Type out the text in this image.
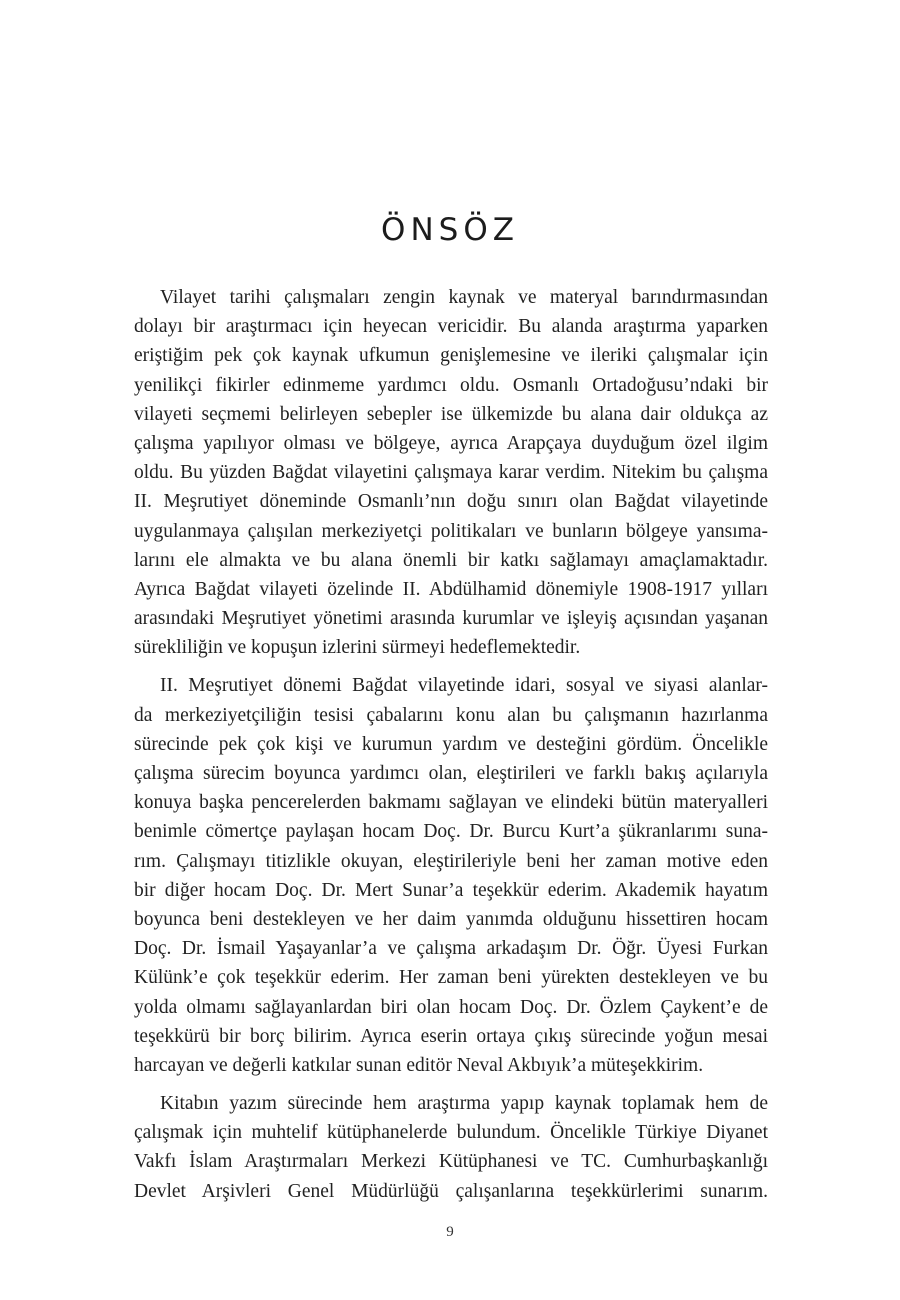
ÖNSÖZ
Vilayet tarihi çalışmaları zengin kaynak ve materyal barındırmasından
dolayı bir araştırmacı için heyecan vericidir. Bu alanda araştırma yaparken
eriştiğim pek çok kaynak ufkumun genişlemesine ve ileriki çalışmalar için
yenilikçi fikirler edinmeme yardımcı oldu. Osmanlı Ortadoğusu’ndaki bir
vilayeti seçmemi belirleyen sebepler ise ülkemizde bu alana dair oldukça az
çalışma yapılıyor olması ve bölgeye, ayrıca Arapçaya duyduğum özel ilgim
oldu. Bu yüzden Bağdat vilayetini çalışmaya karar verdim. Nitekim bu çalışma
II. Meşrutiyet döneminde Osmanlı’nın doğu sınırı olan Bağdat vilayetinde
uygulanmaya çalışılan merkeziyetçi politikaları ve bunların bölgeye yansıma-
larını ele almakta ve bu alana önemli bir katkı sağlamayı amaçlamaktadır.
Ayrıca Bağdat vilayeti özelinde II. Abdülhamid dönemiyle 1908-1917 yılları
arasındaki Meşrutiyet yönetimi arasında kurumlar ve işleyiş açısından yaşanan
sürekliliğin ve kopuşun izlerini sürmeyi hedeflemektedir.
II. Meşrutiyet dönemi Bağdat vilayetinde idari, sosyal ve siyasi alanlar-
da merkeziyetçiliğin tesisi çabalarını konu alan bu çalışmanın hazırlanma
sürecinde pek çok kişi ve kurumun yardım ve desteğini gördüm. Öncelikle
çalışma sürecim boyunca yardımcı olan, eleştirileri ve farklı bakış açılarıyla
konuya başka pencerelerden bakmamı sağlayan ve elindeki bütün materyalleri
benimle cömertçe paylaşan hocam Doç. Dr. Burcu Kurt’a şükranlarımı suna-
rım. Çalışmayı titizlikle okuyan, eleştirileriyle beni her zaman motive eden
bir diğer hocam Doç. Dr. Mert Sunar’a teşekkür ederim. Akademik hayatım
boyunca beni destekleyen ve her daim yanımda olduğunu hissettiren hocam
Doç. Dr. İsmail Yaşayanlar’a ve çalışma arkadaşım Dr. Öğr. Üyesi Furkan
Külünk’e çok teşekkür ederim. Her zaman beni yürekten destekleyen ve bu
yolda olmamı sağlayanlardan biri olan hocam Doç. Dr. Özlem Çaykent’e de
teşekkürü bir borç bilirim. Ayrıca eserin ortaya çıkış sürecinde yoğun mesai
harcayan ve değerli katkılar sunan editör Neval Akbıyık’a müteşekkirim.
Kitabın yazım sürecinde hem araştırma yapıp kaynak toplamak hem de
çalışmak için muhtelif kütüphanelerde bulundum. Öncelikle Türkiye Diyanet
Vakfı İslam Araştırmaları Merkezi Kütüphanesi ve TC. Cumhurbaşkanlığı
Devlet Arşivleri Genel Müdürlüğü çalışanlarına teşekkürlerimi sunarım.
9
